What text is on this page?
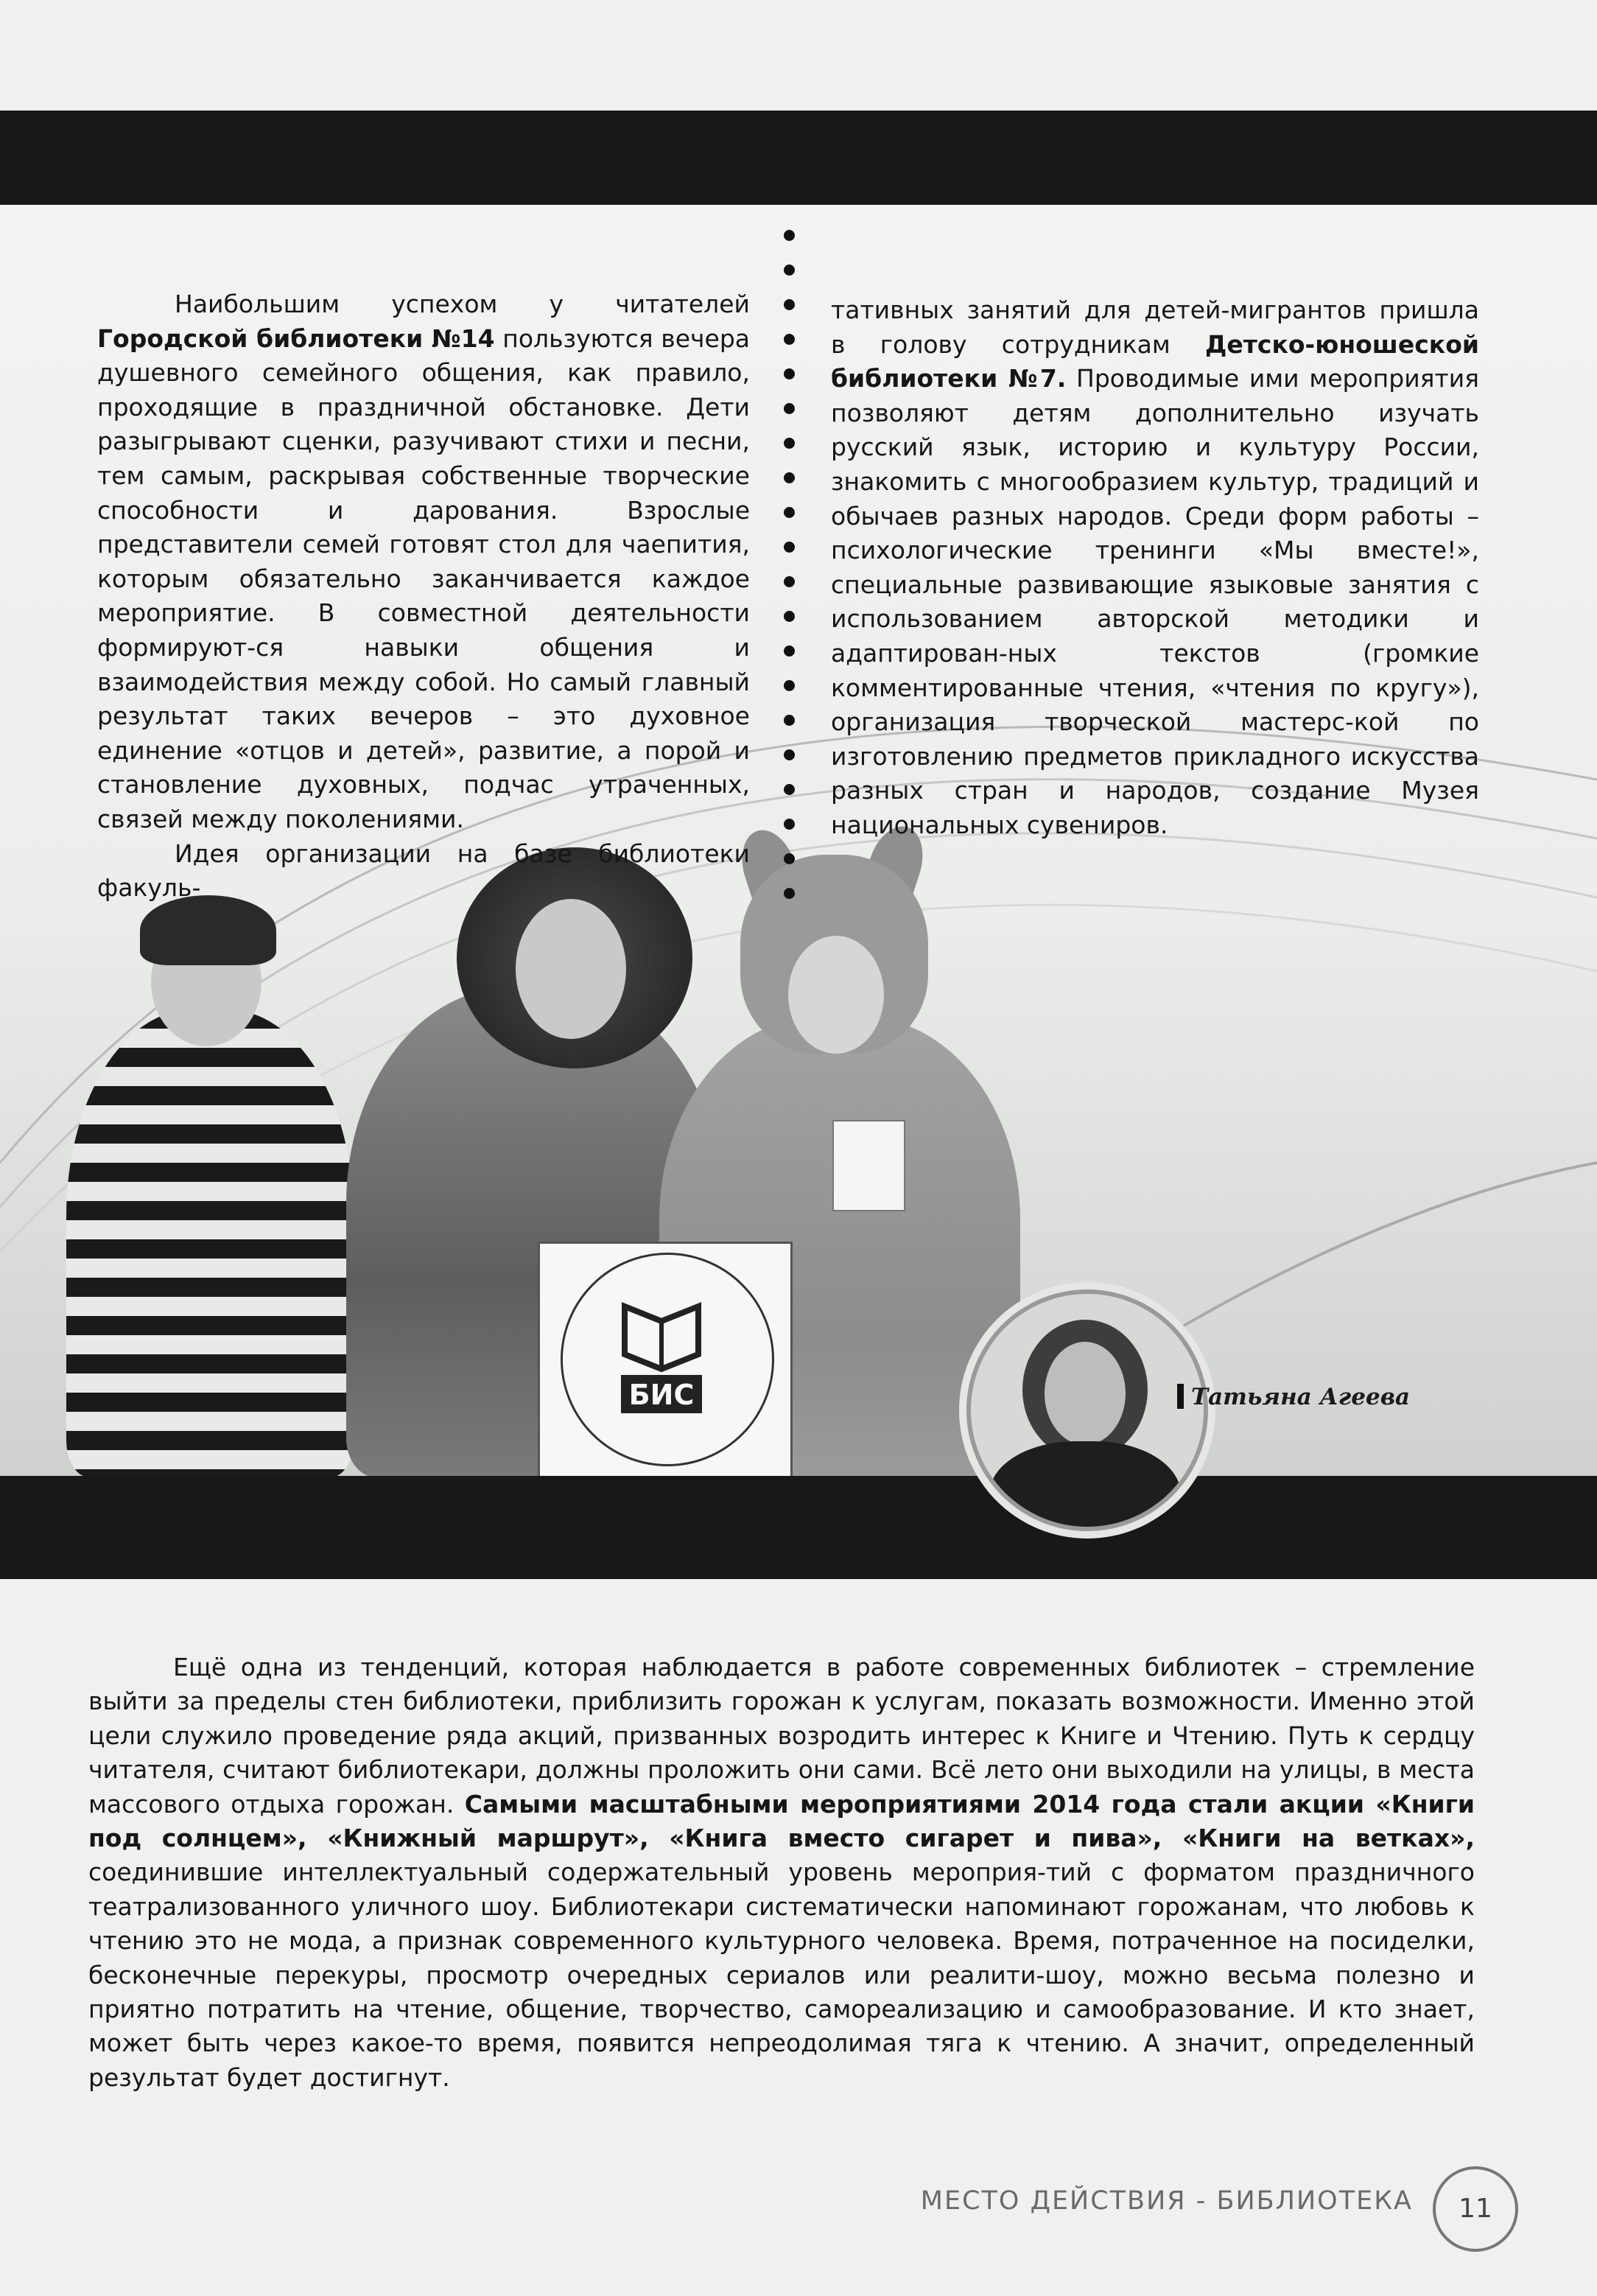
БИС

Наибольшим успехом у читателей Городской библиотеки №14 пользуются вечера душевного семейного общения, как правило, проходящие в праздничной обстановке. Дети разыгрывают сценки, разучивают стихи и песни, тем самым, раскрывая собственные творческие способности и дарования. Взрослые представители семей готовят стол для чаепития, которым обязательно заканчивается каждое мероприятие. В совместной деятельности формируют-ся навыки общения и взаимодействия между собой. Но самый главный результат таких вечеров – это духовное единение «отцов и детей», развитие, а порой и становление духовных, подчас утраченных, связей между поколениями.

Идея организации на базе библиотеки факуль-

тативных занятий для детей-мигрантов пришла в голову сотрудникам Детско-юношеской библиотеки №7. Проводимые ими мероприятия позволяют детям дополнительно изучать русский язык, историю и культуру России, знакомить с многообразием культур, традиций и обычаев разных народов. Среди форм работы – психологические тренинги «Мы вместе!», специальные развивающие языковые занятия с использованием авторской методики и адаптирован-ных текстов (громкие комментированные чтения, «чтения по кругу»), организация творческой мастерс-кой по изготовлению предметов прикладного искусства разных стран и народов, создание Музея национальных сувениров.

Татьяна Агеева

Ещё одна из тенденций, которая наблюдается в работе современных библиотек – стремление выйти за пределы стен библиотеки, приблизить горожан к услугам, показать возможности. Именно этой цели служило проведение ряда акций, призванных возродить интерес к Книге и Чтению. Путь к сердцу читателя, считают библиотекари, должны проложить они сами. Всё лето они выходили на улицы, в места массового отдыха горожан. Самыми масштабными мероприятиями 2014 года стали акции «Книги под солнцем», «Книжный маршрут», «Книга вместо сигарет и пива», «Книги на ветках», соединившие интеллектуальный содержательный уровень мероприя-тий с форматом праздничного театрализованного уличного шоу. Библиотекари систематически напоминают горожанам, что любовь к чтению это не мода, а признак современного культурного человека. Время, потраченное на посиделки, бесконечные перекуры, просмотр очередных сериалов или реалити-шоу, можно весьма полезно и приятно потратить на чтение, общение, творчество, самореализацию и самообразование. И кто знает, может быть через какое-то время, появится непреодолимая тяга к чтению. А значит, определенный результат будет достигнут.

МЕСТО ДЕЙСТВИЯ - БИБЛИОТЕКА	11
